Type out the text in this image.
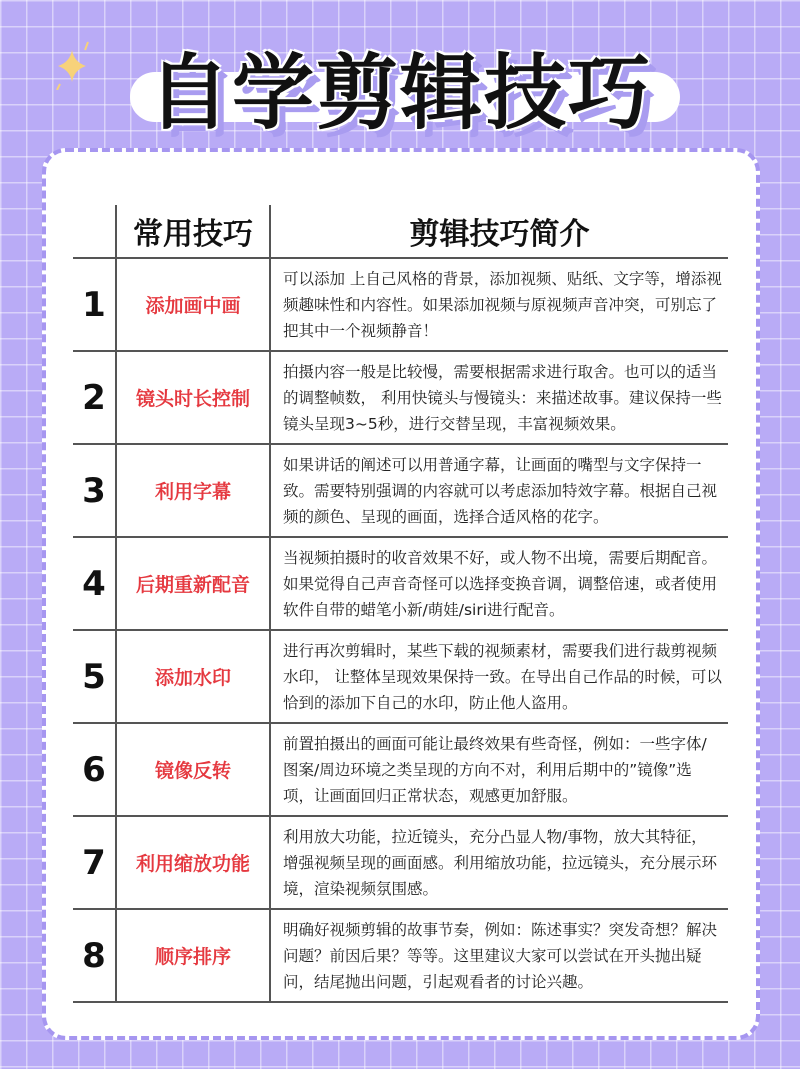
自学剪辑技巧
	常用技巧	剪辑技巧简介
1	添加画中画	可以添加 上自己风格的背景，添加视频、贴纸、文字等，增添视频趣味性和内容性。如果添加视频与原视频声音冲突，可别忘了把其中一个视频静音！
2	镜头时长控制	拍摄内容一般是比较慢，需要根据需求进行取舍。也可以的适当的调整帧数， 利用快镜头与慢镜头：来描述故事。建议保持一些镜头呈现3~5秒，进行交替呈现，丰富视频效果。
3	利用字幕	如果讲话的阐述可以用普通字幕，让画面的嘴型与文字保持一致。需要特别强调的内容就可以考虑添加特效字幕。根据自己视频的颜色、呈现的画面，选择合适风格的花字。
4	后期重新配音	当视频拍摄时的收音效果不好，或人物不出境，需要后期配音。 如果觉得自己声音奇怪可以选择变换音调，调整倍速，或者使用软件自带的蜡笔小新/萌娃/siri进行配音。
5	添加水印	进行再次剪辑时，某些下载的视频素材，需要我们进行裁剪视频水印， 让整体呈现效果保持一致。在导出自己作品的时候，可以恰到的添加下自己的水印，防止他人盗用。
6	镜像反转	前置拍摄出的画面可能让最终效果有些奇怪，例如：一些字体/图案/周边环境之类呈现的方向不对，利用后期中的”镜像”选项，让画面回归正常状态，观感更加舒服。
7	利用缩放功能	利用放大功能，拉近镜头，充分凸显人物/事物，放大其特征，增强视频呈现的画面感。利用缩放功能，拉远镜头，充分展示环境，渲染视频氛围感。
8	顺序排序	明确好视频剪辑的故事节奏，例如：陈述事实？突发奇想？解决问题？前因后果？等等。这里建议大家可以尝试在开头抛出疑问，结尾抛出问题，引起观看者的讨论兴趣。
